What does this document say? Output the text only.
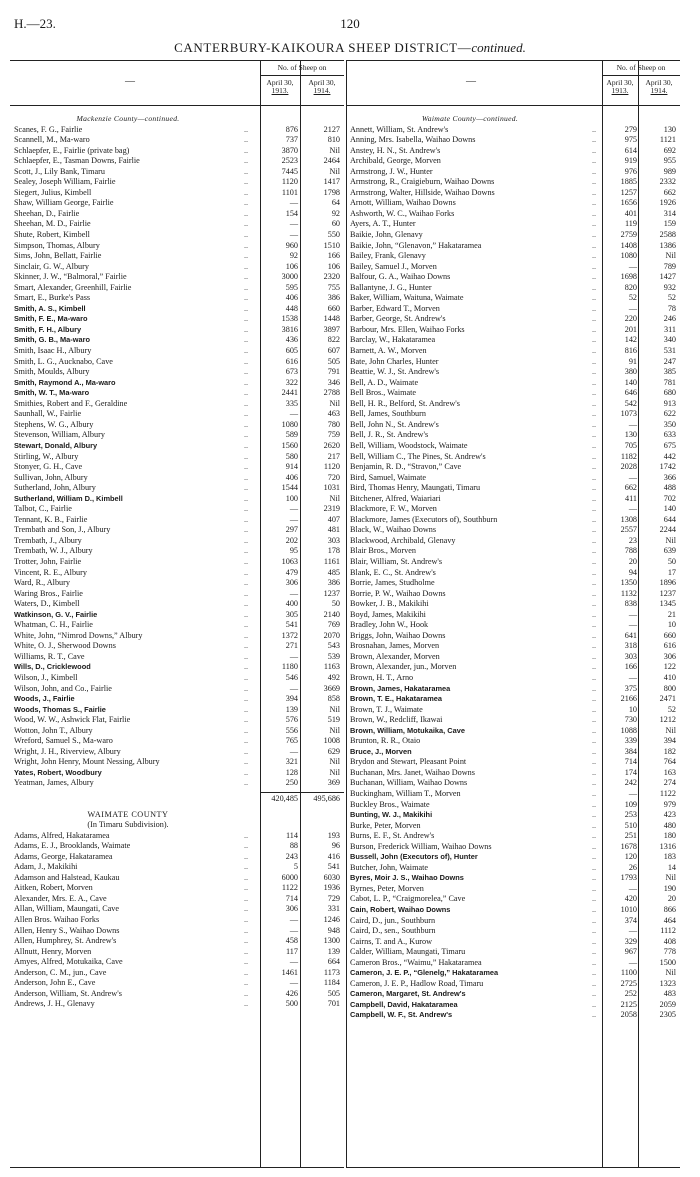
H.—23.	120
CANTERBURY-KAIKOURA SHEEP DISTRICT—continued.
—
No. of Sheep on
April 30,
1913.
April 30,
1914.
Mackenzie County—continued.
Scanes, F. G., Fairlie	..	876	2127
Scannell, M., Ma-waro	..	737	810
Schlaepfer, E., Fairlie (private bag)	..	3870	Nil
Schlaepfer, E., Tasman Downs, Fairlie	..	2523	2464
Scott, J., Lily Bank, Timaru	..	7445	Nil
Sealey, Joseph William, Fairlie	..	1120	1417
Siegert, Julius, Kimbell	..	1101	1798
Shaw, William George, Fairlie	..	—	64
Sheehan, D., Fairlie	..	154	92
Sheehan, M. D., Fairlie	..	—	60
Shute, Robert, Kimbell	..	—	550
Simpson, Thomas, Albury	..	960	1510
Sims, John, Bellatt, Fairlie	..	92	166
Sinclair, G. W., Albury	..	106	106
Skinner, J. W., “Balmoral,” Fairlie	..	3000	2320
Smart, Alexander, Greenhill, Fairlie	..	595	755
Smart, E., Burke's Pass	..	406	386
Smith, A. S., Kimbell	..	448	660
Smith, F. E., Ma-waro	..	1538	1448
Smith, F. H., Albury	..	3816	3897
Smith, G. B., Ma-waro	..	436	822
Smith, Isaac H., Albury	..	605	607
Smith, L. G., Aucknabo, Cave	..	616	505
Smith, Moulds, Albury	..	673	791
Smith, Raymond A., Ma-waro	..	322	346
Smith, W. T., Ma-waro	..	2441	2788
Smithies, Robert and F., Geraldine	..	335	Nil
Saunhall, W., Fairlie	..	—	463
Stephens, W. G., Albury	..	1080	780
Stevenson, William, Albury	..	589	759
Stewart, Donald, Albury	..	1560	2620
Stirling, W., Albury	..	580	217
Stonyer, G. H., Cave	..	914	1120
Sullivan, John, Albury	..	406	720
Sutherland, John, Albury	..	1544	1031
Sutherland, William D., Kimbell	..	100	Nil
Talbot, C., Fairlie	..	—	2319
Tennant, K. B., Fairlie	..	—	407
Trembath and Son, J., Albury	..	297	481
Trembath, J., Albury	..	202	303
Trembath, W. J., Albury	..	95	178
Trotter, John, Fairlie	..	1063	1161
Vincent, R. E., Albury	..	479	485
Ward, R., Albury	..	306	386
Waring Bros., Fairlie	..	—	1237
Waters, D., Kimbell	..	400	50
Watkinson, G. V., Fairlie	..	305	2140
Whatman, C. H., Fairlie	..	541	769
White, John, “Nimrod Downs,” Albury	..	1372	2070
White, O. J., Sherwood Downs	..	271	543
Williams, R. T., Cave	..	—	539
Wills, D., Cricklewood	..	1180	1163
Wilson, J., Kimbell	..	546	492
Wilson, John, and Co., Fairlie	..	—	3669
Woods, J., Fairlie	..	394	858
Woods, Thomas S., Fairlie	..	139	Nil
Wood, W. W., Ashwick Flat, Fairlie	..	576	519
Wotton, John T., Albury	..	556	Nil
Wreford, Samuel S., Ma-waro	..	765	1008
Wright, J. H., Riverview, Albury	..	—	629
Wright, John Henry, Mount Nessing, Albury	..	321	Nil
Yates, Robert, Woodbury	..	128	Nil
Yeatman, James, Albury	..	250	369
420,485	495,686
WAIMATE COUNTY
(In Timaru Subdivision).
Adams, Alfred, Hakataramea	..	114	193
Adams, E. J., Brooklands, Waimate	..	88	96
Adams, George, Hakataramea	..	243	416
Adam, J., Makikihi	..	5	541
Adamson and Halstead, Kaukau	..	6000	6030
Aitken, Robert, Morven	..	1122	1936
Alexander, Mrs. E. A., Cave	..	714	729
Allan, William, Maungati, Cave	..	306	331
Allen Bros. Waihao Forks	..	—	1246
Allen, Henry S., Waihao Downs	..	—	948
Allen, Humphrey, St. Andrew's	..	458	1300
Allnutt, Henry, Morven	..	117	139
Amyes, Alfred, Motukaika, Cave	..	—	664
Anderson, C. M., jun., Cave	..	1461	1173
Anderson, John E., Cave	..	—	1184
Anderson, William, St. Andrew's	..	426	505
Andrews, J. H., Glenavy	..	500	701
—
No. of Sheep on
April 30,
1913.
April 30,
1914.
Waimate County—continued.
Annett, William, St. Andrew's	..	279	130
Anning, Mrs. Isabella, Waihao Downs	..	975	1121
Anstey, H. N., St. Andrew's	..	614	692
Archibald, George, Morven	..	919	955
Armstrong, J. W., Hunter	..	976	989
Armstrong, R., Craigieburn, Waihao Downs	..	1885	2332
Armstrong, Walter, Hillside, Waihao Downs	..	1257	662
Arnott, William, Waihao Downs	..	1656	1926
Ashworth, W. C., Waihao Forks	..	401	314
Ayers, A. T., Hunter	..	119	159
Baikie, John, Glenavy	..	2759	2588
Baikie, John, “Glenavon,” Hakataramea	..	1408	1386
Bailey, Frank, Glenavy	..	1080	Nil
Bailey, Samuel J., Morven	..	—	789
Balfour, G. A., Waihao Downs	..	1698	1427
Ballantyne, J. G., Hunter	..	820	932
Baker, William, Waituna, Waimate	..	52	52
Barber, Edward T., Morven	..	—	78
Barber, George, St. Andrew's	..	220	246
Barbour, Mrs. Ellen, Waihao Forks	..	201	311
Barclay, W., Hakataramea	..	142	340
Barnett, A. W., Morven	..	816	531
Bate, John Charles, Hunter	..	91	247
Beattie, W. J., St. Andrew's	..	380	385
Bell, A. D., Waimate	..	140	781
Bell Bros., Waimate	..	646	680
Bell, H. R., Belford, St. Andrew's	..	542	913
Bell, James, Southburn	..	1073	622
Bell, John N., St. Andrew's	..	—	350
Bell, J. R., St. Andrew's	..	130	633
Bell, William, Woodstock, Waimate	..	705	675
Bell, William C., The Pines, St. Andrew's	..	1182	442
Benjamin, R. D., “Stravon,” Cave	..	2028	1742
Bird, Samuel, Waimate	..	—	366
Bird, Thomas Henry, Maungati, Timaru	..	662	488
Bitchener, Alfred, Waiariari	..	411	702
Blackmore, F. W., Morven	..	—	140
Blackmore, James (Executors of), Southburn	..	1308	644
Black, W., Waihao Downs	..	2557	2244
Blackwood, Archibald, Glenavy	..	23	Nil
Blair Bros., Morven	..	788	639
Blair, William, St. Andrew's	..	20	50
Blank, E. C., St. Andrew's	..	94	17
Borrie, James, Studholme	..	1350	1896
Borrie, P. W., Waihao Downs	..	1132	1237
Bowker, J. B., Makikihi	..	838	1345
Boyd, James, Makikihi	..	—	21
Bradley, John W., Hook	..	—	10
Briggs, John, Waihao Downs	..	641	660
Brosnahan, James, Morven	..	318	616
Brown, Alexander, Morven	..	303	306
Brown, Alexander, jun., Morven	..	166	122
Brown, H. T., Arno	..	—	410
Brown, James, Hakataramea	..	375	800
Brown, T. E., Hakataramea	..	2166	2471
Brown, T. J., Waimate	..	10	52
Brown, W., Redcliff, Ikawai	..	730	1212
Brown, William, Motukaika, Cave	..	1088	Nil
Brunton, R. R., Otaio	..	339	394
Bruce, J., Morven	..	384	182
Brydon and Stewart, Pleasant Point	..	714	764
Buchanan, Mrs. Janet, Waihao Downs	..	174	163
Buchanan, William, Waihao Downs	..	242	274
Buckingham, William T., Morven	..	—	1122
Buckley Bros., Waimate	..	109	979
Bunting, W. J., Makikihi	..	253	423
Burke, Peter, Morven	..	510	480
Burns, E. F., St. Andrew's	..	251	180
Burson, Frederick William, Waihao Downs	..	1678	1316
Bussell, John (Executors of), Hunter	..	120	183
Butcher, John, Waimate	..	26	14
Byres, Moir J. S., Waihao Downs	..	1793	Nil
Byrnes, Peter, Morven	..	—	190
Cabot, L. P., “Craigmorelea,” Cave	..	420	20
Cain, Robert, Waihao Downs	..	1010	866
Caird, D., jun., Southburn	..	374	464
Caird, D., sen., Southburn	..	—	1112
Cairns, T. and A., Kurow	..	329	408
Calder, William, Maungati, Timaru	..	967	778
Cameron Bros., “Waimu,” Hakataramea	..	—	1500
Cameron, J. E. P., “Glenelg,” Hakataramea	..	1100	Nil
Cameron, J. E. P., Hadlow Road, Timaru	..	2725	1323
Cameron, Margaret, St. Andrew's	..	252	483
Campbell, David, Hakataramea	..	2125	2059
Campbell, W. F., St. Andrew's	..	2058	2305
